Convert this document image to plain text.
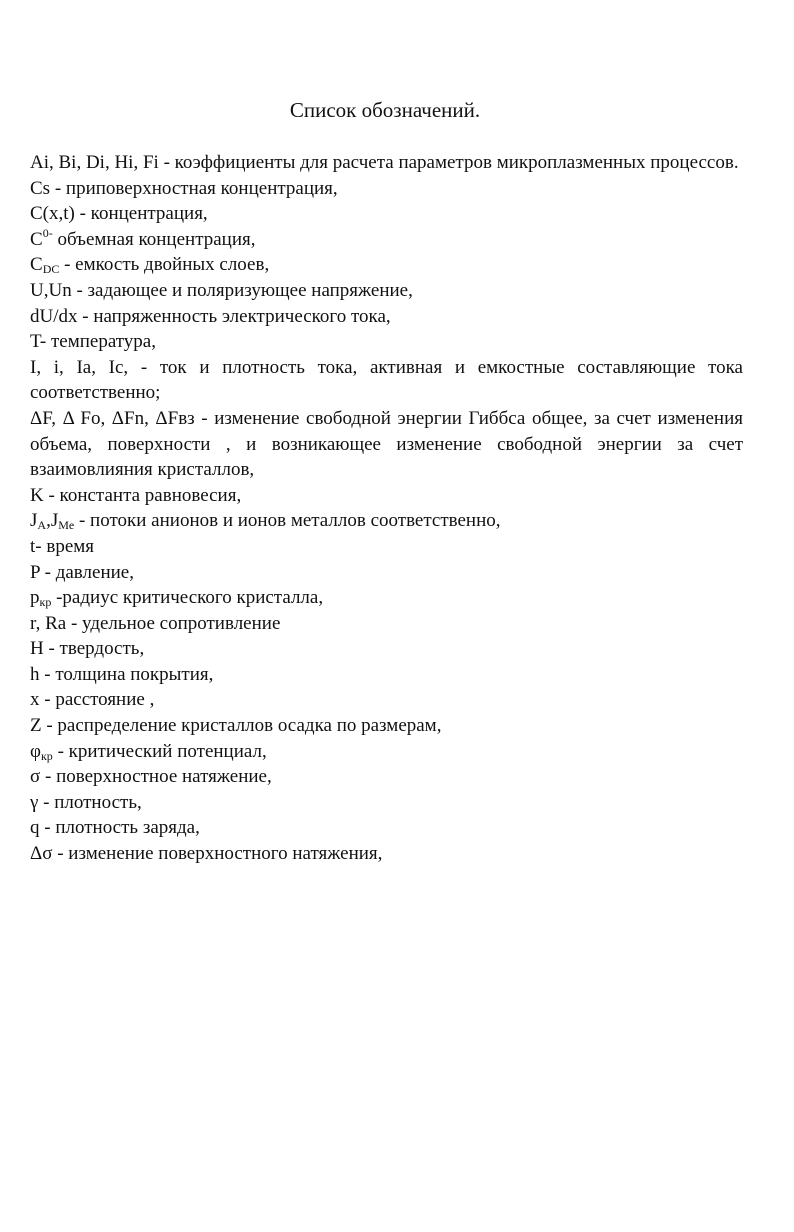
Список обозначений.

Ai, Bi, Di, Hi, Fi - коэффициенты для расчета параметров микроплазменных процессов.

Cs - приповерхностная концентрация,

C(x,t) - концентрация,

$C^{0-}$ объемная концентрация,

$C_{DC}$ - емкость двойных слоев,

U,Un - задающее и поляризующее напряжение,

dU/dx - напряженность электрического тока,

T- температура,

I, i, Ia, Ic, - ток и плотность тока, активная и емкостные составляющие тока соответственно;

ΔF, Δ Fo, ΔFn, ΔFвз - изменение свободной энергии Гиббса общее, за счет изменения объема, поверхности , и возникающее изменение свободной энергии за счет взаимовлияния кристаллов,

K - константа равновесия,

$J_A,J_{Me}$ - потоки анионов и ионов металлов соответственно,

t- время

P - давление,

$p_{кр}$ -радиус критического кристалла,

r, Ra - удельное сопротивление

H - твердость,

h - толщина покрытия,

x - расстояние ,

Z - распределение кристаллов осадка по размерам,

$\varphi_{кр}$ - критический потенциал,

σ - поверхностное натяжение,

γ - плотность,

q - плотность заряда,

Δσ - изменение поверхностного натяжения,
